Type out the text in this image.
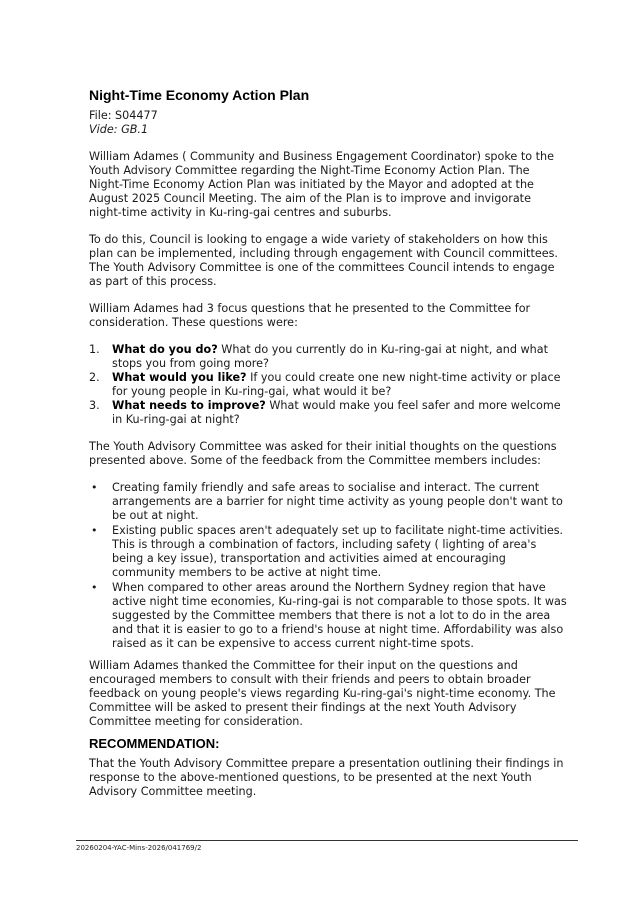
Night-Time Economy Action Plan

File: S04477

Vide: GB.1

William Adames ( Community and Business Engagement Coordinator) spoke to the Youth Advisory Committee regarding the Night-Time Economy Action Plan. The Night-Time Economy Action Plan was initiated by the Mayor and adopted at the August 2025 Council Meeting. The aim of the Plan is to improve and invigorate night-time activity in Ku-ring-gai centres and suburbs.

To do this, Council is looking to engage a wide variety of stakeholders on how this plan can be implemented, including through engagement with Council committees. The Youth Advisory Committee is one of the committees Council intends to engage as part of this process.

William Adames had 3 focus questions that he presented to the Committee for consideration. These questions were:

1. What do you do? What do you currently do in Ku-ring-gai at night, and what stops you from going more?
2. What would you like? If you could create one new night-time activity or place for young people in Ku-ring-gai, what would it be?
3. What needs to improve? What would make you feel safer and more welcome in Ku-ring-gai at night?

The Youth Advisory Committee was asked for their initial thoughts on the questions presented above. Some of the feedback from the Committee members includes:

• Creating family friendly and safe areas to socialise and interact. The current arrangements are a barrier for night time activity as young people don't want to be out at night.
• Existing public spaces aren't adequately set up to facilitate night-time activities. This is through a combination of factors, including safety ( lighting of area's being a key issue), transportation and activities aimed at encouraging community members to be active at night time.
• When compared to other areas around the Northern Sydney region that have active night time economies, Ku-ring-gai is not comparable to those spots. It was suggested by the Committee members that there is not a lot to do in the area and that it is easier to go to a friend's house at night time. Affordability was also raised as it can be expensive to access current night-time spots.

William Adames thanked the Committee for their input on the questions and encouraged members to consult with their friends and peers to obtain broader feedback on young people's views regarding Ku-ring-gai's night-time economy. The Committee will be asked to present their findings at the next Youth Advisory Committee meeting for consideration.

RECOMMENDATION:

That the Youth Advisory Committee prepare a presentation outlining their findings in response to the above-mentioned questions, to be presented at the next Youth Advisory Committee meeting.

20260204-YAC-Mins-2026/041769/2
